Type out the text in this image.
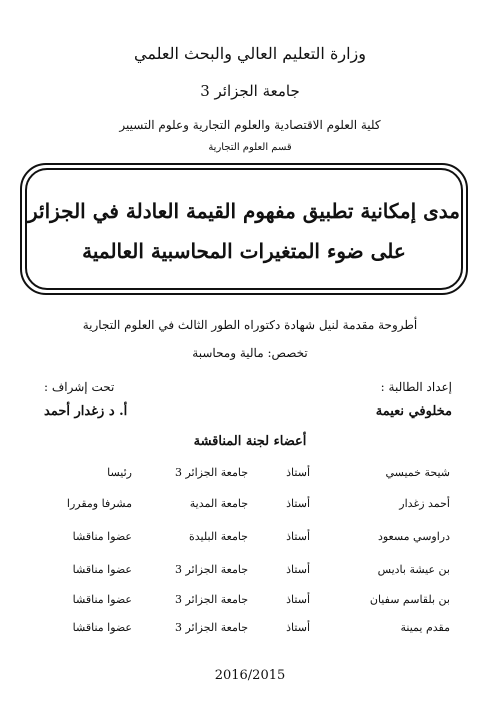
وزارة التعليم العالي والبحث العلمي
جامعة الجزائر 3
كلية العلوم الاقتصادية والعلوم التجارية وعلوم التسيير
قسم العلوم التجارية
مدى إمكانية تطبيق مفهوم القيمة العادلة في الجزائر
على ضوء المتغيرات المحاسبية العالمية
أطروحة مقدمة لنيل شهادة دكتوراه الطور الثالث في العلوم التجارية
تخصص: مالية ومحاسبة
إعداد الطالبة :
تحت إشراف :
مخلوفي نعيمة
أ. د زغدار أحمد
أعضاء لجنة المناقشة
شيحة خميسي
أستاذ
جامعة الجزائر 3
رئيسا
أحمد زغدار
أستاذ
جامعة المدية
مشرفا ومقررا
دراوسي مسعود
أستاذ
جامعة البليدة
عضوا مناقشا
بن عيشة باديس
أستاذ
جامعة الجزائر 3
عضوا مناقشا
بن بلقاسم سفيان
أستاذ
جامعة الجزائر 3
عضوا مناقشا
مقدم يمينة
أستاذ
جامعة الجزائر 3
عضوا مناقشا
2016/2015
